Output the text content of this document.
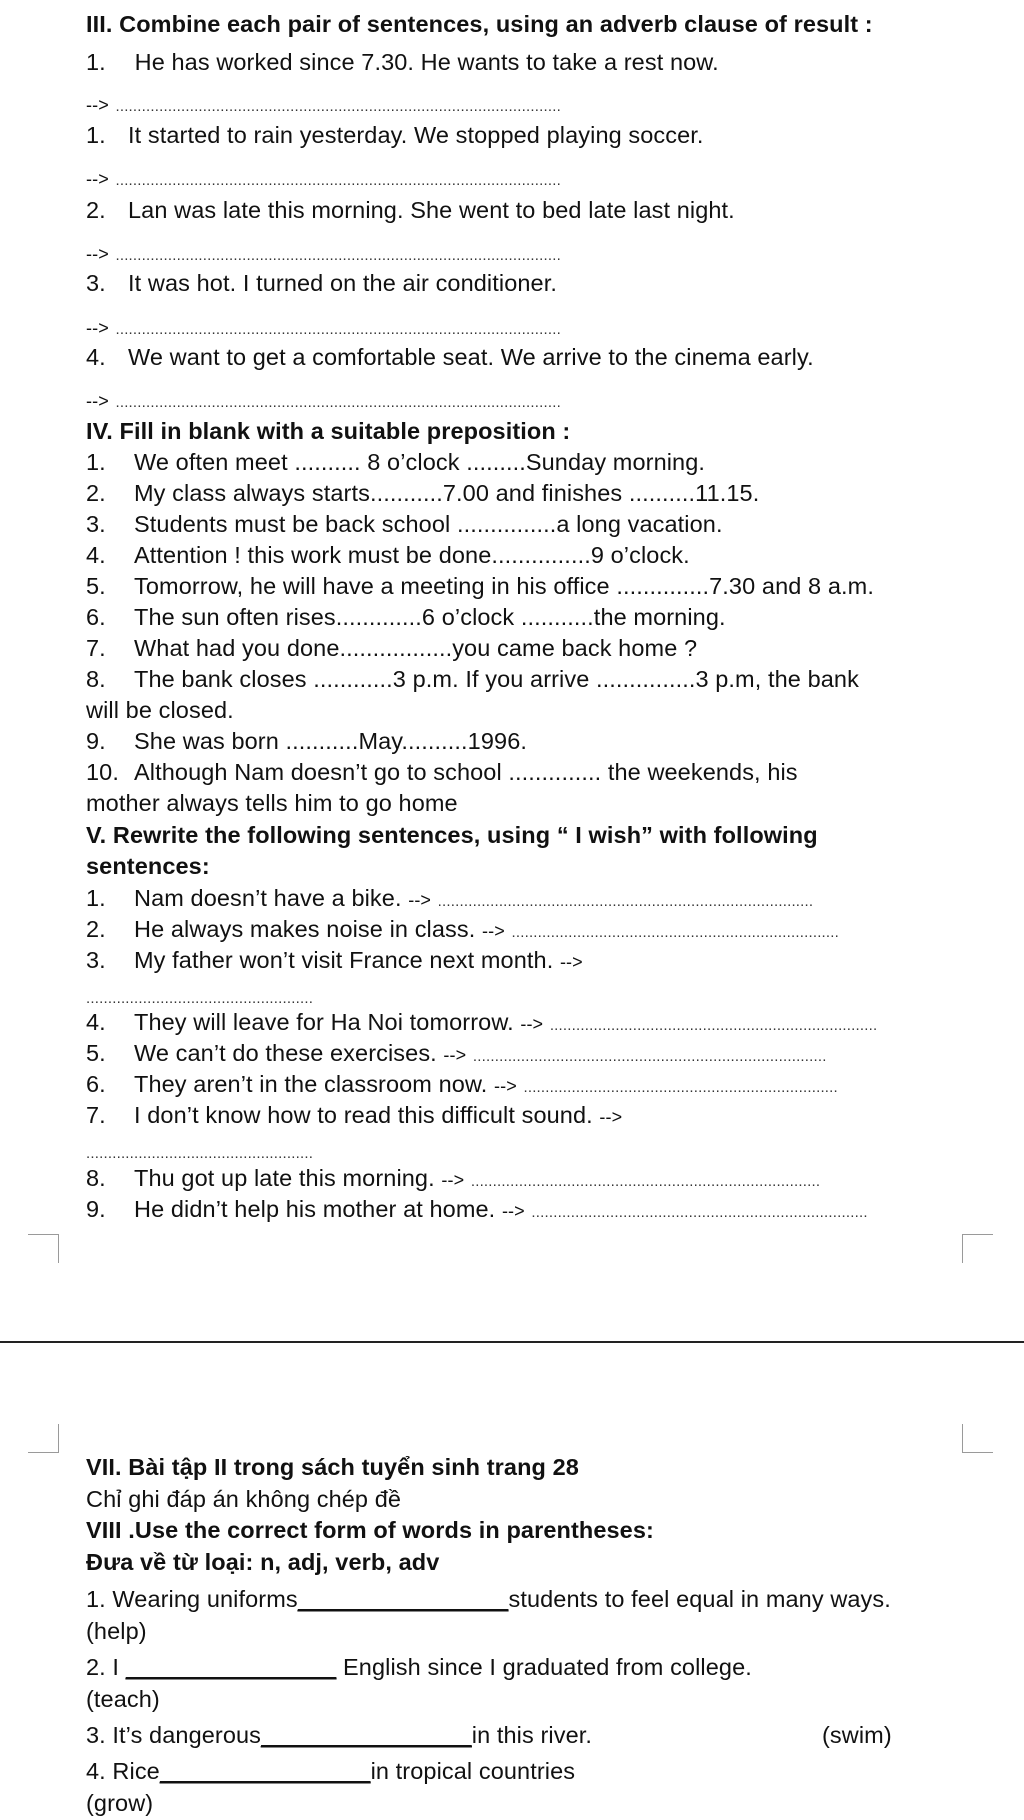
III. Combine each pair of sentences, using an adverb clause of result :
1. He has worked since 7.30. He wants to take a rest now.
--> ......................................................................................................
1. It started to rain yesterday. We stopped playing soccer.
--> ......................................................................................................
2. Lan was late this morning. She went to bed late last night.
--> ......................................................................................................
3. It was hot. I turned on the air conditioner.
--> ......................................................................................................
4. We want to get a comfortable seat. We arrive to the cinema early.
--> ......................................................................................................
IV. Fill in blank with a suitable preposition :
1. We often meet .......... 8 o’clock .........Sunday morning.
2. My class always starts...........7.00 and finishes ..........11.15.
3. Students must be back school ...............a long vacation.
4. Attention ! this work must be done...............9 o’clock.
5. Tomorrow, he will have a meeting in his office ..............7.30 and 8 a.m.
6. The sun often rises.............6 o’clock ...........the morning.
7. What had you done.................you came back home ?
8. The bank closes ............3 p.m. If you arrive ...............3 p.m, the bank
will be closed.
9. She was born ...........May..........1996.
10. Although Nam doesn’t go to school .............. the weekends, his
mother always tells him to go home
V. Rewrite the following sentences, using “ I wish” with following
sentences:
1. Nam doesn’t have a bike. --> ......................................................................................
2. He always makes noise in class. --> ...........................................................................
3. My father won’t visit France next month. -->
....................................................
4. They will leave for Ha Noi tomorrow. --> ...........................................................................
5. We can’t do these exercises. --> .................................................................................
6. They aren’t in the classroom now. --> ........................................................................
7. I don’t know how to read this difficult sound. -->
....................................................
8. Thu got up late this morning. --> ................................................................................
9. He didn’t help his mother at home. --> .............................................................................
VII. Bài tập II trong sách tuyển sinh trang 28
Chỉ ghi đáp án không chép đề
VIII .Use the correct form of words in parentheses:
Đưa về từ loại: n, adj, verb, adv
1. Wearing uniforms________________students to feel equal in many ways.
(help)
2. I ________________ English since I graduated from college.
(teach)
3. It’s dangerous________________in this river.	(swim)
4. Rice________________in tropical countries
(grow)
